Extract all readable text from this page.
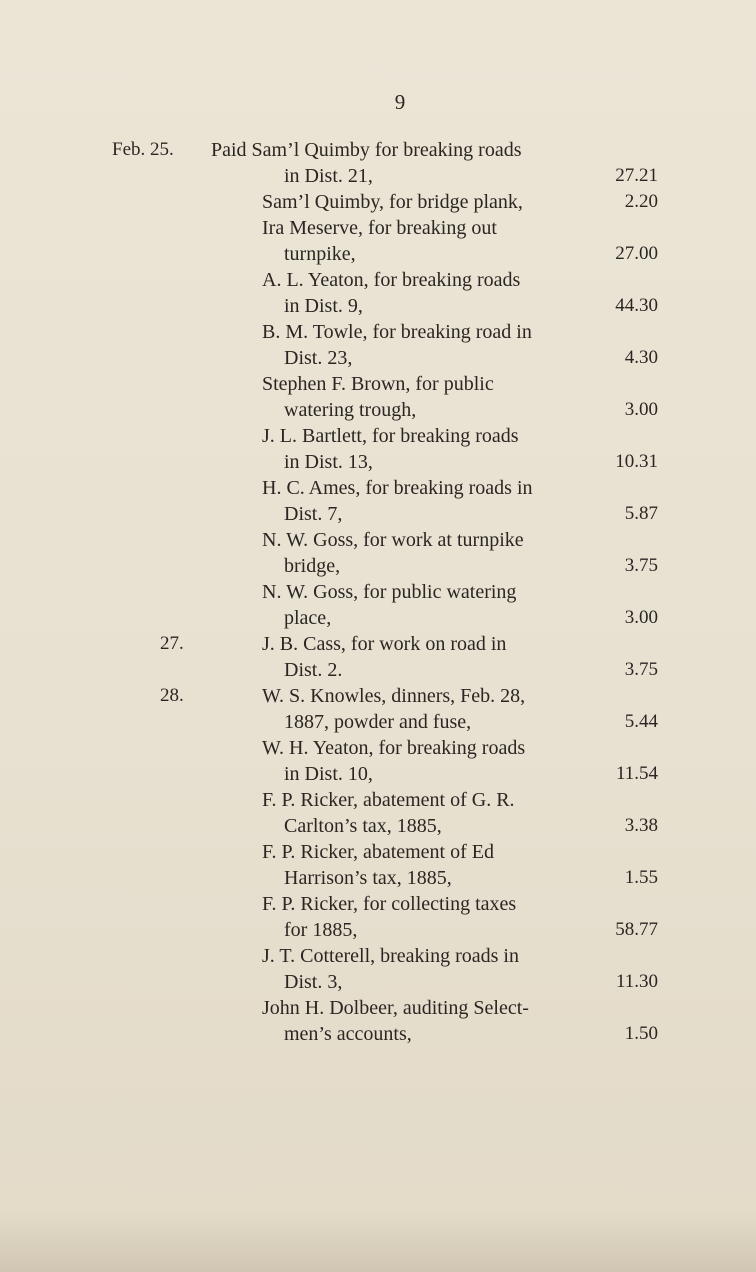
9
Feb. 25.	Paid Sam’l Quimby for breaking roads
in Dist. 21,	27.21
Sam’l Quimby, for bridge plank,	2.20
Ira Meserve, for breaking out
turnpike,	27.00
A. L. Yeaton, for breaking roads
in Dist. 9,	44.30
B. M. Towle, for breaking road in
Dist. 23,	4.30
Stephen F. Brown, for public
watering trough,	3.00
J. L. Bartlett, for breaking roads
in Dist. 13,	10.31
H. C. Ames, for breaking roads in
Dist. 7,	5.87
N. W. Goss, for work at turnpike
bridge,	3.75
N. W. Goss, for public watering
place,	3.00
27.	J. B. Cass, for work on road in
Dist. 2.	3.75
28.	W. S. Knowles, dinners, Feb. 28,
1887, powder and fuse,	5.44
W. H. Yeaton, for breaking roads
in Dist. 10,	11.54
F. P. Ricker, abatement of G. R.
Carlton’s tax, 1885,	3.38
F. P. Ricker, abatement of Ed
Harrison’s tax, 1885,	1.55
F. P. Ricker, for collecting taxes
for 1885,	58.77
J. T. Cotterell, breaking roads in
Dist. 3,	11.30
John H. Dolbeer, auditing Select-
men’s accounts,	1.50
